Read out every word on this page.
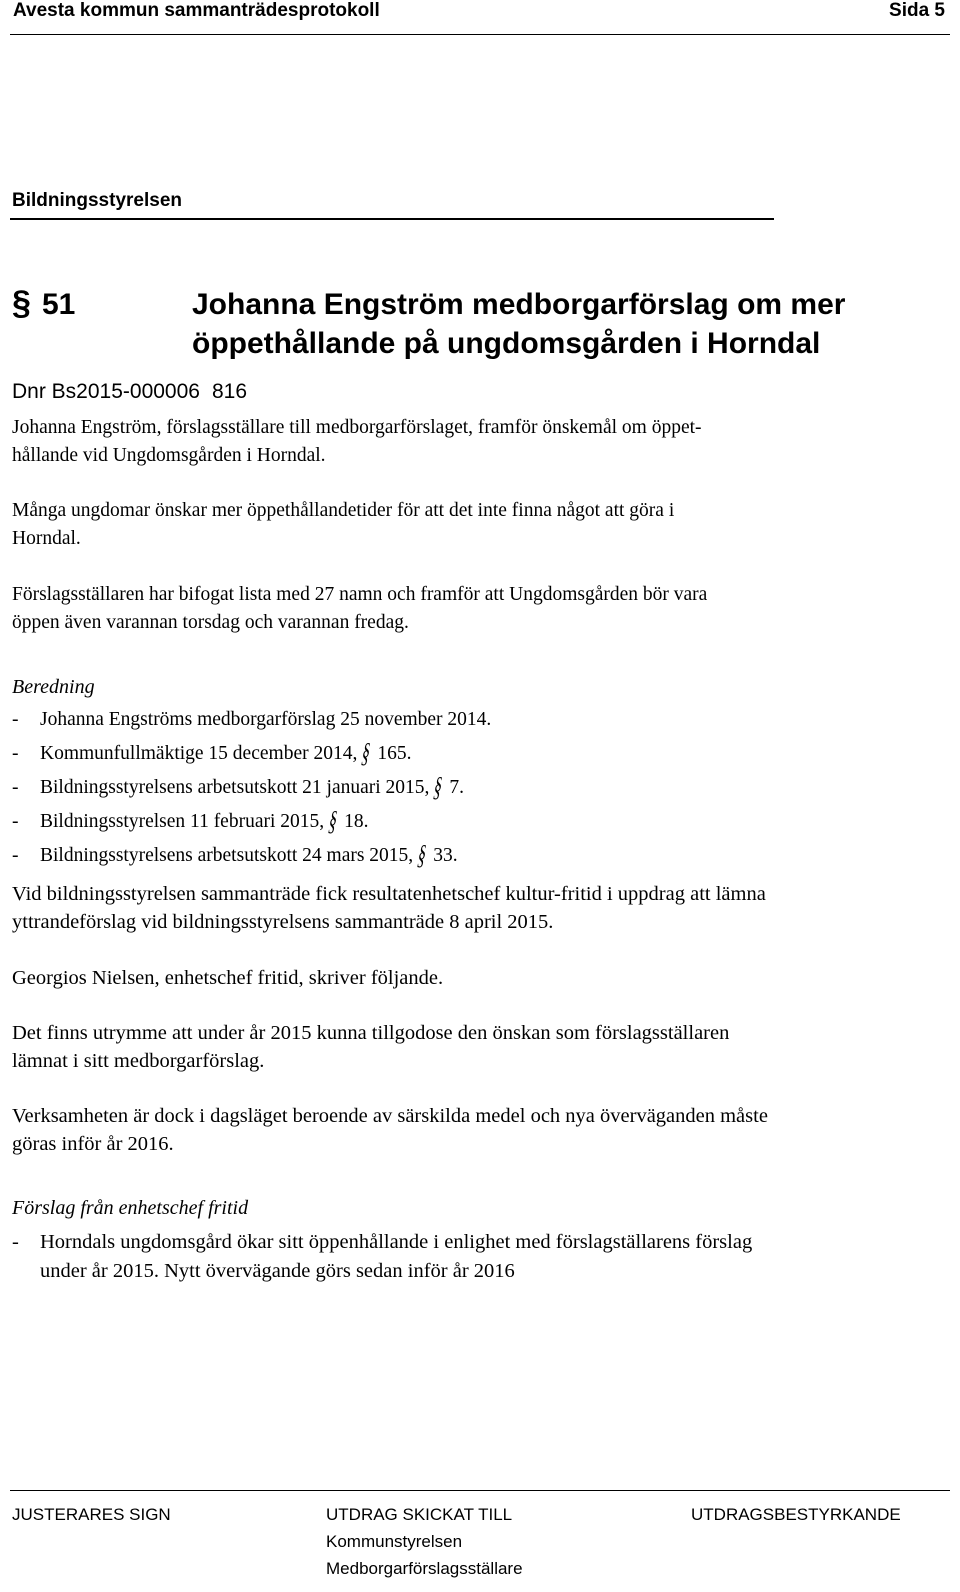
Avesta kommun sammanträdesprotokoll	Sida 5
Bildningsstyrelsen
§ 51	Johanna Engström medborgarförslag om mer
öppethållande på ungdomsgården i Horndal
Dnr Bs2015-000006 816
Johanna Engström, förslagsställare till medborgarförslaget, framför önskemål om öppet-
hållande vid Ungdomsgården i Horndal.
Många ungdomar önskar mer öppethållandetider för att det inte finna något att göra i
Horndal.
Förslagsställaren har bifogat lista med 27 namn och framför att Ungdomsgården bör vara
öppen även varannan torsdag och varannan fredag.
Beredning
- Johanna Engströms medborgarförslag 25 november 2014.
- Kommunfullmäktige 15 december 2014,§ 165.
- Bildningsstyrelsens arbetsutskott 21 januari 2015,§ 7.
- Bildningsstyrelsen 11 februari 2015,§ 18.
- Bildningsstyrelsens arbetsutskott 24 mars 2015,§ 33.
Vid bildningsstyrelsen sammanträde fick resultatenhetschef kultur-fritid i uppdrag att lämna
yttrandeförslag vid bildningsstyrelsens sammanträde 8 april 2015.
Georgios Nielsen, enhetschef fritid, skriver följande.
Det finns utrymme att under år 2015 kunna tillgodose den önskan som förslagsställaren
lämnat i sitt medborgarförslag.
Verksamheten är dock i dagsläget beroende av särskilda medel och nya överväganden måste
göras inför år 2016.
Förslag från enhetschef fritid
- Horndals ungdomsgård ökar sitt öppenhållande i enlighet med förslagställarens förslag
under år 2015. Nytt övervägande görs sedan inför år 2016
JUSTERARES SIGN	UTDRAG SKICKAT TILL
Kommunstyrelsen
Medborgarförslagsställare
UTDRAGSBESTYRKANDE
